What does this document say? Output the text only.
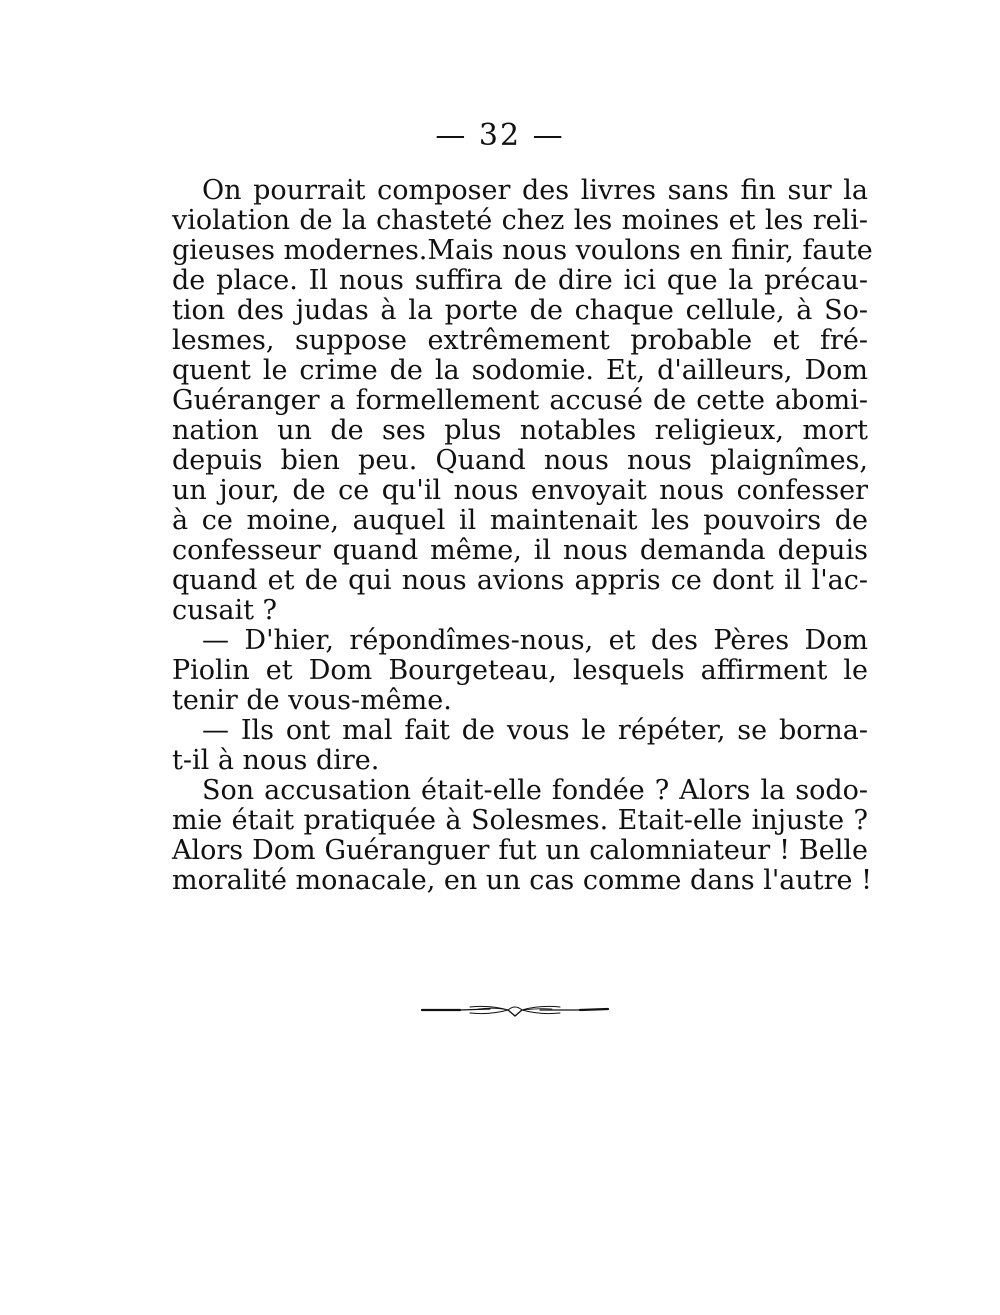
— 32 —
On pourrait composer des livres sans fin sur la
violation de la chasteté chez les moines et les reli-
gieuses modernes.Mais nous voulons en finir, faute
de place. Il nous suffira de dire ici que la précau-
tion des judas à la porte de chaque cellule, à So-
lesmes, suppose extrêmement probable et fré-
quent le crime de la sodomie. Et, d'ailleurs, Dom
Guéranger a formellement accusé de cette abomi-
nation un de ses plus notables religieux, mort
depuis bien peu. Quand nous nous plaignîmes,
un jour, de ce qu'il nous envoyait nous confesser
à ce moine, auquel il maintenait les pouvoirs de
confesseur quand même, il nous demanda depuis
quand et de qui nous avions appris ce dont il l'ac-
cusait ?
— D'hier, répondîmes-nous, et des Pères Dom
Piolin et Dom Bourgeteau, lesquels affirment le
tenir de vous-même.
— Ils ont mal fait de vous le répéter, se borna-
t-il à nous dire.
Son accusation était-elle fondée ? Alors la sodo-
mie était pratiquée à Solesmes. Etait-elle injuste ?
Alors Dom Guéranguer fut un calomniateur ! Belle
moralité monacale, en un cas comme dans l'autre !
